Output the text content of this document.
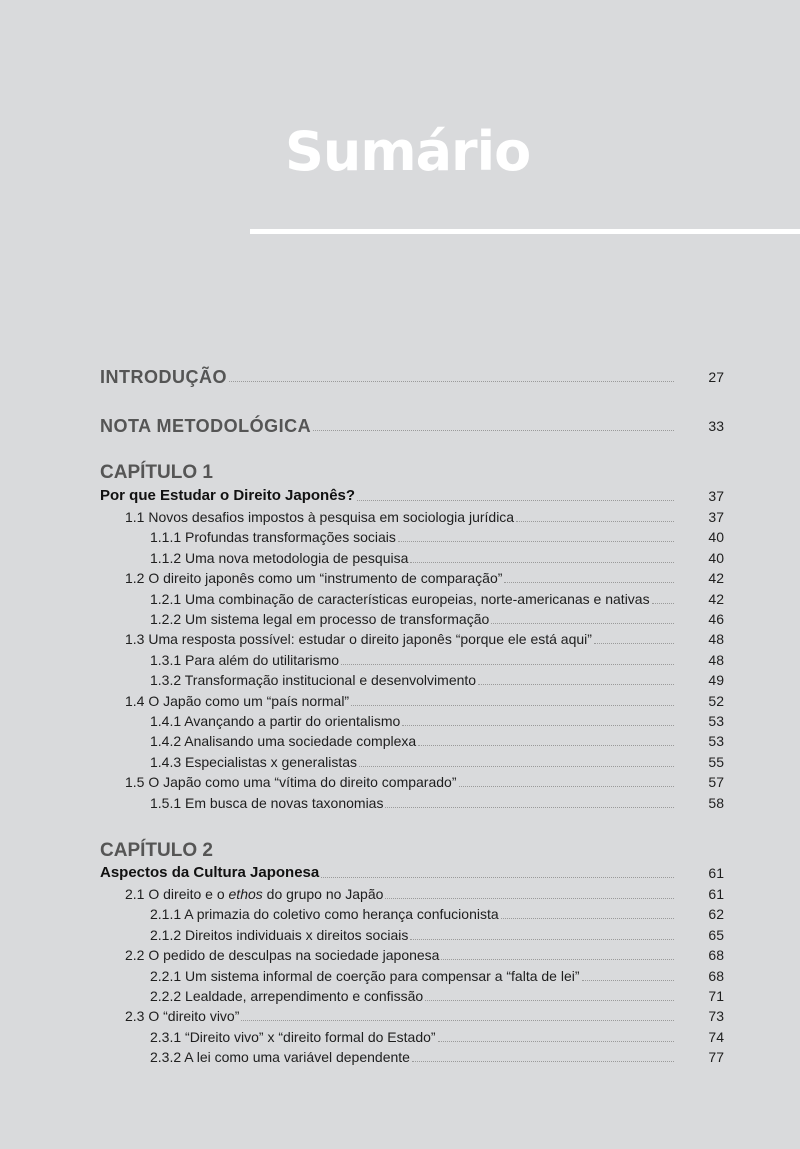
Sumário
INTRODUÇÃO	27
NOTA METODOLÓGICA	33
CAPÍTULO 1
Por que Estudar o Direito Japonês?	37
1.1 Novos desafios impostos à pesquisa em sociologia jurídica	37
1.1.1 Profundas transformações sociais	40
1.1.2 Uma nova metodologia de pesquisa	40
1.2 O direito japonês como um “instrumento de comparação”	42
1.2.1 Uma combinação de características europeias, norte-americanas e nativas	42
1.2.2 Um sistema legal em processo de transformação	46
1.3 Uma resposta possível: estudar o direito japonês “porque ele está aqui”	48
1.3.1 Para além do utilitarismo	48
1.3.2 Transformação institucional e desenvolvimento	49
1.4 O Japão como um “país normal”	52
1.4.1 Avançando a partir do orientalismo	53
1.4.2 Analisando uma sociedade complexa	53
1.4.3 Especialistas x generalistas	55
1.5 O Japão como uma “vítima do direito comparado”	57
1.5.1 Em busca de novas taxonomias	58
CAPÍTULO 2
Aspectos da Cultura Japonesa	61
2.1 O direito e o ethos do grupo no Japão	61
2.1.1 A primazia do coletivo como herança confucionista	62
2.1.2 Direitos individuais x direitos sociais	65
2.2 O pedido de desculpas na sociedade japonesa	68
2.2.1 Um sistema informal de coerção para compensar a “falta de lei”	68
2.2.2 Lealdade, arrependimento e confissão	71
2.3 O “direito vivo”	73
2.3.1 “Direito vivo” x “direito formal do Estado”	74
2.3.2 A lei como uma variável dependente	77
